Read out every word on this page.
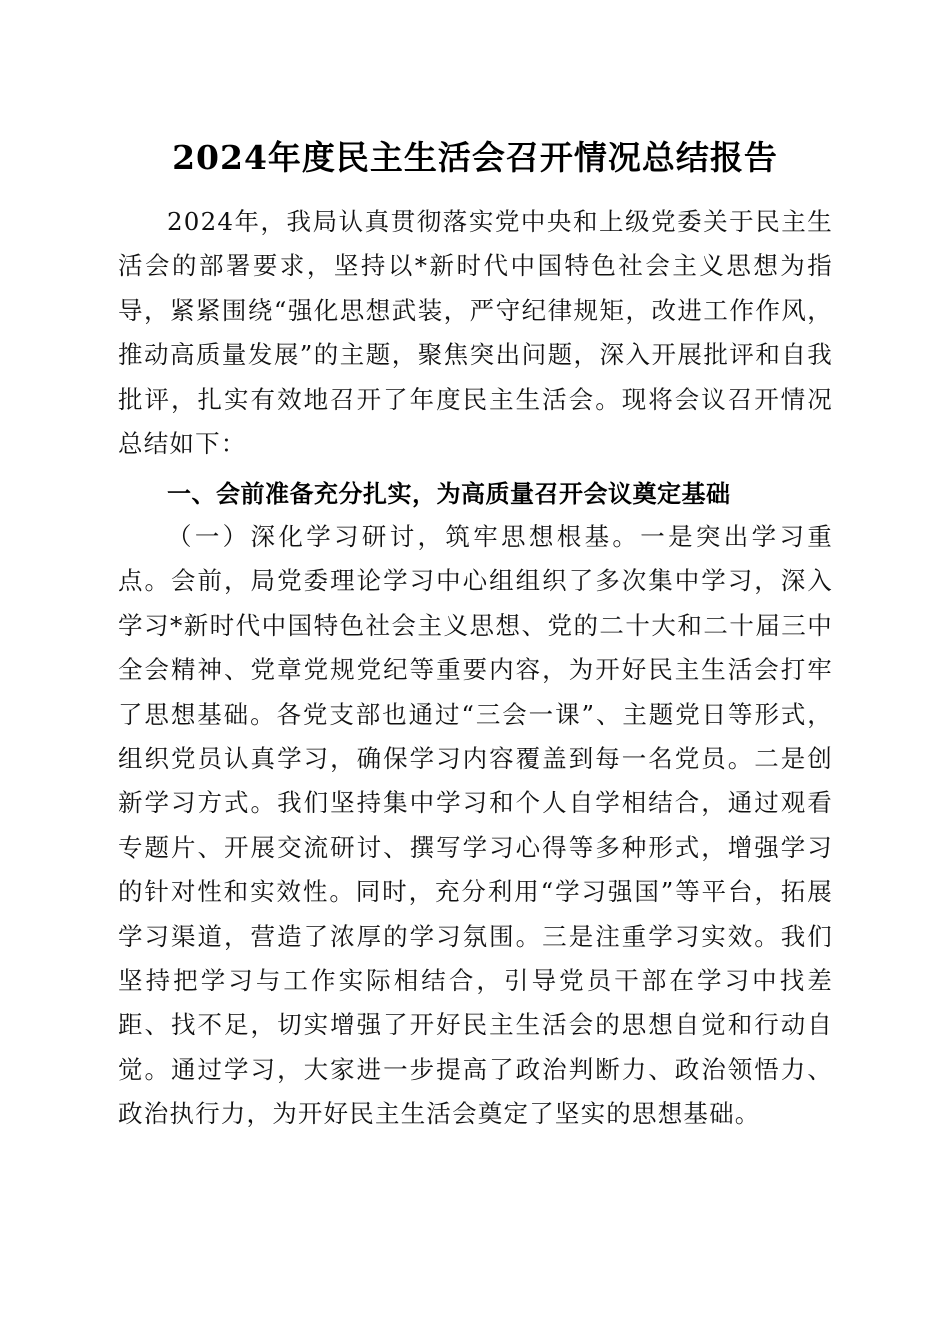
2024年度民主生活会召开情况总结报告

2024年，我局认真贯彻落实党中央和上级党委关于民主生活会的部署要求，坚持以*新时代中国特色社会主义思想为指导，紧紧围绕“强化思想武装，严守纪律规矩，改进工作作风，推动高质量发展”的主题，聚焦突出问题，深入开展批评和自我批评，扎实有效地召开了年度民主生活会。现将会议召开情况总结如下：

一、会前准备充分扎实，为高质量召开会议奠定基础

（一）深化学习研讨，筑牢思想根基。一是突出学习重点。会前，局党委理论学习中心组组织了多次集中学习，深入学习*新时代中国特色社会主义思想、党的二十大和二十届三中全会精神、党章党规党纪等重要内容，为开好民主生活会打牢了思想基础。各党支部也通过“三会一课”、主题党日等形式，组织党员认真学习，确保学习内容覆盖到每一名党员。二是创新学习方式。我们坚持集中学习和个人自学相结合，通过观看专题片、开展交流研讨、撰写学习心得等多种形式，增强学习的针对性和实效性。同时，充分利用“学习强国”等平台，拓展学习渠道，营造了浓厚的学习氛围。三是注重学习实效。我们坚持把学习与工作实际相结合，引导党员干部在学习中找差距、找不足，切实增强了开好民主生活会的思想自觉和行动自觉。通过学习，大家进一步提高了政治判断力、政治领悟力、政治执行力，为开好民主生活会奠定了坚实的思想基础。
